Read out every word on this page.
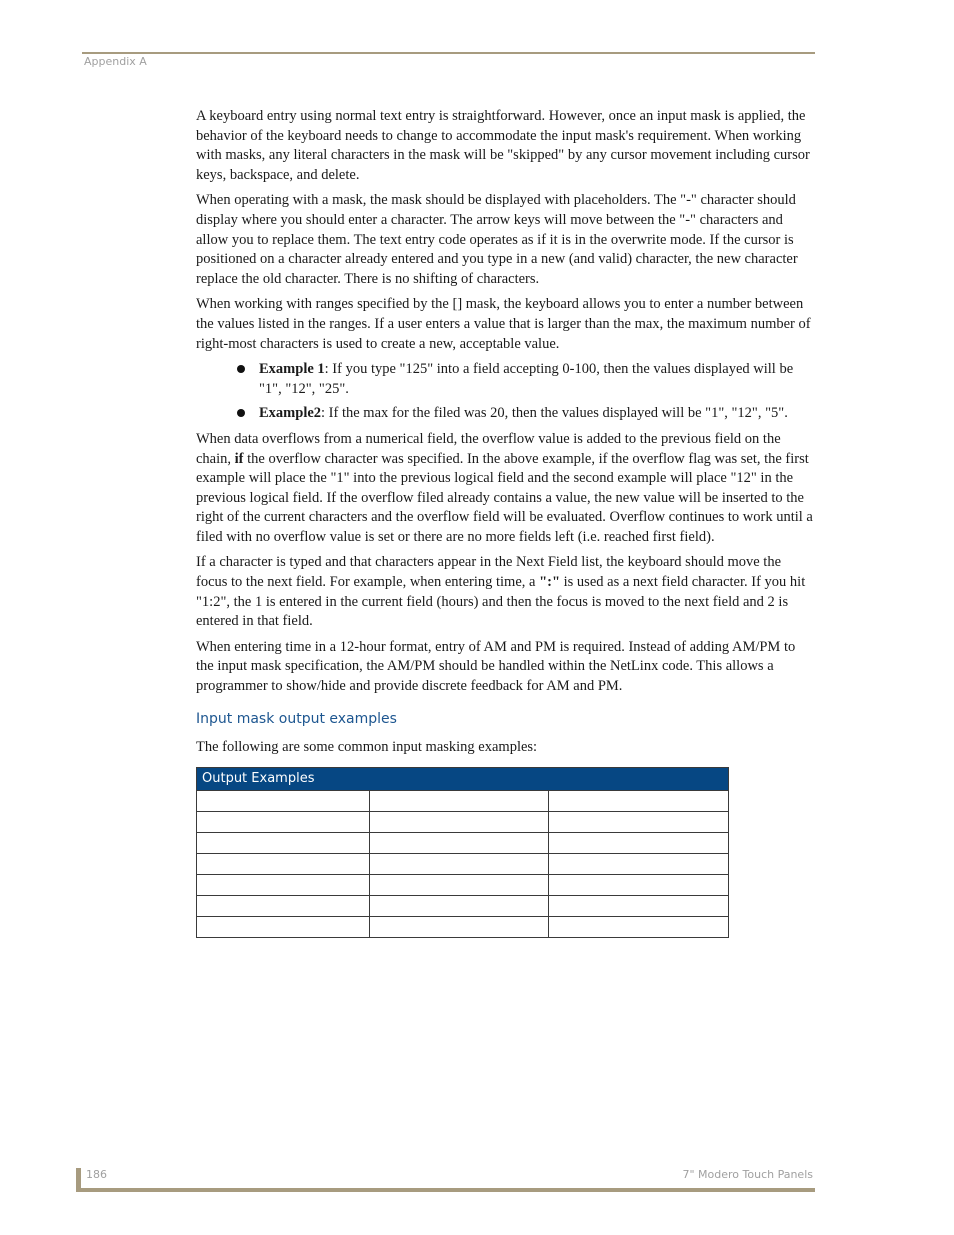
Appendix A

A keyboard entry using normal text entry is straightforward. However, once an input mask is applied, the behavior of the keyboard needs to change to accommodate the input mask's requirement. When working with masks, any literal characters in the mask will be "skipped" by any cursor movement including cursor keys, backspace, and delete.

When operating with a mask, the mask should be displayed with placeholders. The "-" character should display where you should enter a character. The arrow keys will move between the "-" characters and allow you to replace them. The text entry code operates as if it is in the overwrite mode. If the cursor is positioned on a character already entered and you type in a new (and valid) character, the new character replace the old character. There is no shifting of characters.

When working with ranges specified by the [] mask, the keyboard allows you to enter a number between the values listed in the ranges. If a user enters a value that is larger than the max, the maximum number of right-most characters is used to create a new, acceptable value.

Example 1: If you type "125" into a field accepting 0-100, then the values displayed will be "1", "12", "25".
Example2: If the max for the filed was 20, then the values displayed will be "1", "12", "5".

When data overflows from a numerical field, the overflow value is added to the previous field on the chain, if the overflow character was specified. In the above example, if the overflow flag was set, the first example will place the "1" into the previous logical field and the second example will place "12" in the previous logical field. If the overflow filed already contains a value, the new value will be inserted to the right of the current characters and the overflow field will be evaluated. Overflow continues to work until a filed with no overflow value is set or there are no more fields left (i.e. reached first field).

If a character is typed and that characters appear in the Next Field list, the keyboard should move the focus to the next field. For example, when entering time, a ":" is used as a next field character. If you hit "1:2", the 1 is entered in the current field (hours) and then the focus is moved to the next field and 2 is entered in that field.

When entering time in a 12-hour format, entry of AM and PM is required. Instead of adding AM/PM to the input mask specification, the AM/PM should be handled within the NetLinx code. This allows a programmer to show/hide and provide discrete feedback for AM and PM.

Input mask output examples

The following are some common input masking examples:

Output Examples		

186	7" Modero Touch Panels
